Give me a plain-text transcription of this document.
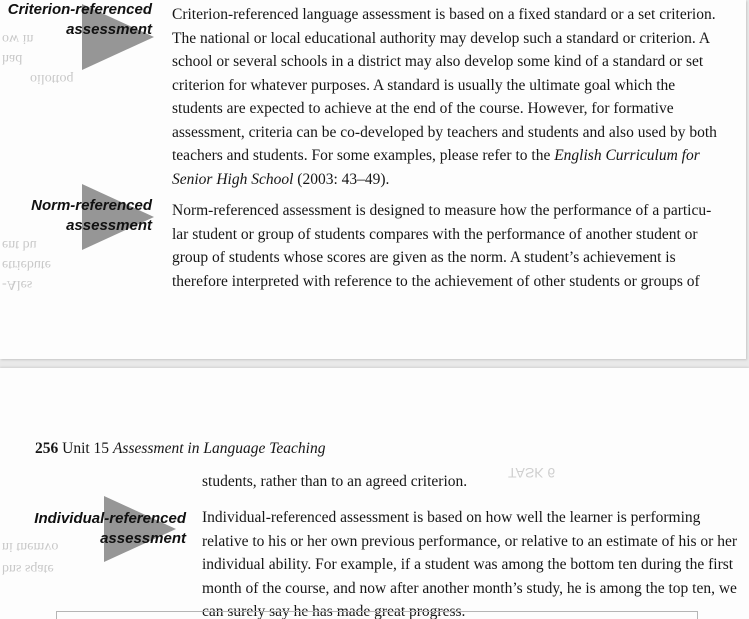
ow in
had
oilottoq
ent bu
etriebute
-Ales
Criterion-referenced
assessment
Criterion-referenced language assessment is based on a fixed standard or a set criterion.
The national or local educational authority may develop such a standard or criterion. A
school or several schools in a district may also develop some kind of a standard or set
criterion for whatever purposes. A standard is usually the ultimate goal which the
students are expected to achieve at the end of the course. However, for formative
assessment, criteria can be co-developed by teachers and students and also used by both
teachers and students. For some examples, please refer to the English Curriculum for
Senior High School (2003: 43–49).
Norm-referenced
assessment
Norm-referenced assessment is designed to measure how the performance of a particu-
lar student or group of students compares with the performance of another student or
group of students whose scores are given as the norm. A student’s achievement is
therefore interpreted with reference to the achievement of other students or groups of
256 Unit 15 Assessment in Language Teaching
TASK 6
students, rather than to an agreed criterion.
ni tnemvo
bns sqate
Individual-referenced
assessment
Individual-referenced assessment is based on how well the learner is performing
relative to his or her own previous performance, or relative to an estimate of his or her
individual ability. For example, if a student was among the bottom ten during the first
month of the course, and now after another month’s study, he is among the top ten, we
can surely say he has made great progress.
